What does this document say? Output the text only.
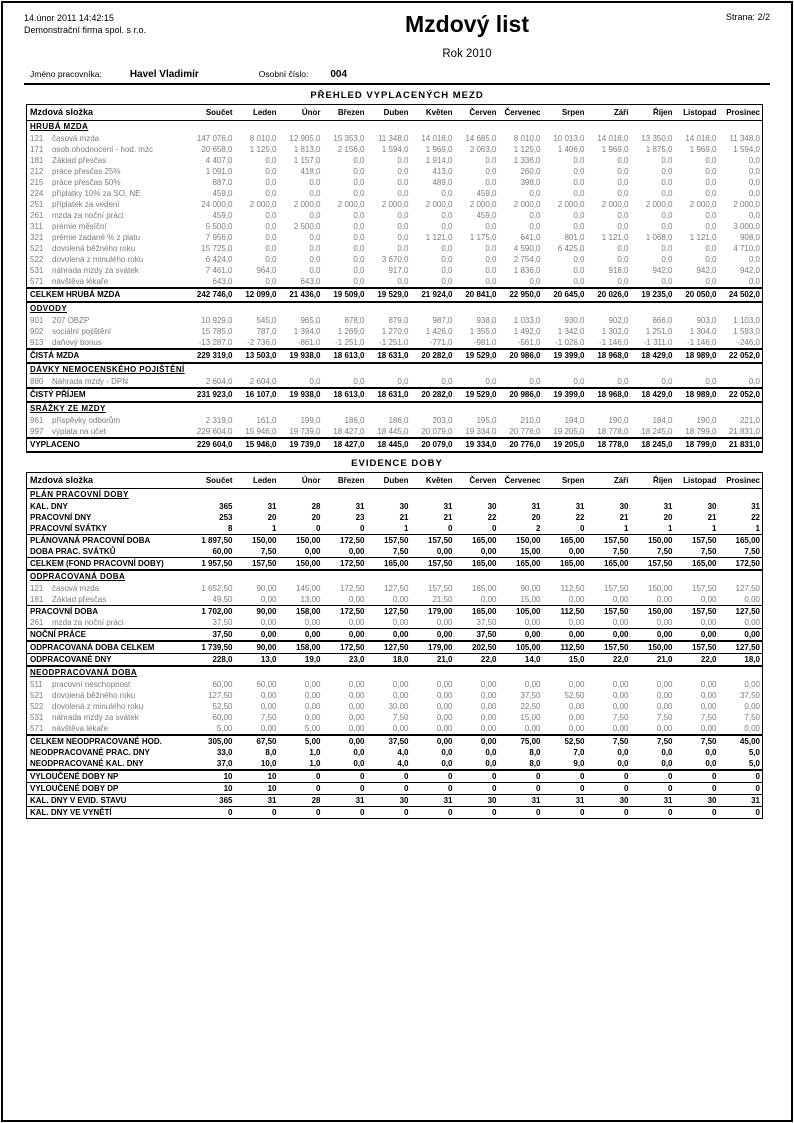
14.únor 2011 14:42:15
Demonstrační firma spol. s r.o.	Mzdový list
Rok 2010
Strana: 2/2
Jméno pracovníka:	Havel Vladimír	Osobní číslo: 004
PŘEHLED VYPLACENÝCH MEZD
Mzdová složka	Součet	Leden	Únor	Březen	Duben	Květen	Červen	Červenec	Srpen	Září	Říjen	Listopad	Prosinec
HRUBÁ MZDA													
121 časová mzda	147 076,0	8 010,0	12 905,0	15 353,0	11 348,0	14 018,0	14 685,0	8 010,0	10 013,0	14 018,0	13 350,0	14 018,0	11 348,0
171 osob.ohodnocení - hod. mzc	20 658,0	1 125,0	1 813,0	2 156,0	1 594,0	1 969,0	2 063,0	1 125,0	1 406,0	1 969,0	1 875,0	1 969,0	1 594,0
181 Základ přesčas	4 407,0	0,0	1 157,0	0,0	0,0	1 914,0	0,0	1 336,0	0,0	0,0	0,0	0,0	0,0
212 práce přesčas 25%	1 091,0	0,0	418,0	0,0	0,0	413,0	0,0	260,0	0,0	0,0	0,0	0,0	0,0
215 práce přesčas 50%	887,0	0,0	0,0	0,0	0,0	489,0	0,0	398,0	0,0	0,0	0,0	0,0	0,0
224 příplatky 10% za SO, NE	459,0	0,0	0,0	0,0	0,0	0,0	459,0	0,0	0,0	0,0	0,0	0,0	0,0
251 příplatek za vedení	24 000,0	2 000,0	2 000,0	2 000,0	2 000,0	2 000,0	2 000,0	2 000,0	2 000,0	2 000,0	2 000,0	2 000,0	2 000,0
261 mzda za noční práci	459,0	0,0	0,0	0,0	0,0	0,0	459,0	0,0	0,0	0,0	0,0	0,0	0,0
311 prémie měsíční	5 500,0	0,0	2 500,0	0,0	0,0	0,0	0,0	0,0	0,0	0,0	0,0	0,0	3 000,0
321 prémie zadané % z platu	7 956,0	0,0	0,0	0,0	0,0	1 121,0	1 175,0	641,0	801,0	1 121,0	1 068,0	1 121,0	908,0
521 dovolená běžného roku	15 725,0	0,0	0,0	0,0	0,0	0,0	0,0	4 590,0	6 425,0	0,0	0,0	0,0	4 710,0
522 dovolená z minulého roku	6 424,0	0,0	0,0	0,0	3 670,0	0,0	0,0	2 754,0	0,0	0,0	0,0	0,0	0,0
531 náhrada mzdy za svátek	7 461,0	964,0	0,0	0,0	917,0	0,0	0,0	1 836,0	0,0	918,0	942,0	942,0	942,0
571 návštěva lékaře	643,0	0,0	643,0	0,0	0,0	0,0	0,0	0,0	0,0	0,0	0,0	0,0	0,0
CELKEM HRUBÁ MZDA	242 746,0	12 099,0	21 436,0	19 509,0	19 529,0	21 924,0	20 841,0	22 950,0	20 645,0	20 026,0	19 235,0	20 050,0	24 502,0
ODVODY													
901 207 OBZP	10 929,0	545,0	965,0	878,0	879,0	987,0	938,0	1 033,0	930,0	902,0	866,0	903,0	1 103,0
902 sociální pojištění	15 785,0	787,0	1 394,0	1 269,0	1 270,0	1 426,0	1 355,0	1 492,0	1 342,0	1 302,0	1 251,0	1 304,0	1 593,0
913 daňový bonus	-13 287,0	-2 736,0	-861,0	-1 251,0	-1 251,0	-771,0	-981,0	-561,0	-1 026,0	-1 146,0	-1 311,0	-1 146,0	-246,0
ČISTÁ MZDA	229 319,0	13 503,0	19 938,0	18 613,0	18 631,0	20 282,0	19 529,0	20 986,0	19 399,0	18 968,0	18 429,0	18 989,0	22 052,0
DÁVKY NEMOCENSKÉHO POJIŠTĚNÍ													
880 Náhrada mzdy - DPN	2 604,0	2 604,0	0,0	0,0	0,0	0,0	0,0	0,0	0,0	0,0	0,0	0,0	0,0
ČISTÝ PŘÍJEM	231 923,0	16 107,0	19 938,0	18 613,0	18 631,0	20 282,0	19 529,0	20 986,0	19 399,0	18 968,0	18 429,0	18 989,0	22 052,0
SRÁŽKY ZE MZDY													
961 příspěvky odborům	2 319,0	161,0	199,0	186,0	186,0	203,0	195,0	210,0	194,0	190,0	184,0	190,0	221,0
997 výplata na účet	229 604,0	15 946,0	19 739,0	18 427,0	18 445,0	20 079,0	19 334,0	20 776,0	19 205,0	18 778,0	18 245,0	18 799,0	21 831,0
VYPLACENO	229 604,0	15 946,0	19 739,0	18 427,0	18 445,0	20 079,0	19 334,0	20 776,0	19 205,0	18 778,0	18 245,0	18 799,0	21 831,0
EVIDENCE DOBY
Mzdová složka	Součet	Leden	Únor	Březen	Duben	Květen	Červen	Červenec	Srpen	Září	Říjen	Listopad	Prosinec
PLÁN PRACOVNÍ DOBY													
KAL. DNY	365	31	28	31	30	31	30	31	31	30	31	30	31
PRACOVNÍ DNY	253	20	20	23	21	21	22	20	22	21	20	21	22
PRACOVNÍ SVÁTKY	8	1	0	0	1	0	0	2	0	1	1	1	1
PLÁNOVANÁ PRACOVNÍ DOBA	1 897,50	150,00	150,00	172,50	157,50	157,50	165,00	150,00	165,00	157,50	150,00	157,50	165,00
DOBA PRAC. SVÁTKŮ	60,00	7,50	0,00	0,00	7,50	0,00	0,00	15,00	0,00	7,50	7,50	7,50	7,50
CELKEM (FOND PRACOVNÍ DOBY)	1 957,50	157,50	150,00	172,50	165,00	157,50	165,00	165,00	165,00	165,00	157,50	165,00	172,50
ODPRACOVANÁ DOBA													
121 časová mzda	1 652,50	90,00	145,00	172,50	127,50	157,50	165,00	90,00	112,50	157,50	150,00	157,50	127,50
181 Základ přesčas	49,50	0,00	13,00	0,00	0,00	21,50	0,00	15,00	0,00	0,00	0,00	0,00	0,00
PRACOVNÍ DOBA	1 702,00	90,00	158,00	172,50	127,50	179,00	165,00	105,00	112,50	157,50	150,00	157,50	127,50
261 mzda za noční práci	37,50	0,00	0,00	0,00	0,00	0,00	37,50	0,00	0,00	0,00	0,00	0,00	0,00
NOČNÍ PRÁCE	37,50	0,00	0,00	0,00	0,00	0,00	37,50	0,00	0,00	0,00	0,00	0,00	0,00
ODPRACOVANÁ DOBA CELKEM	1 739,50	90,00	158,00	172,50	127,50	179,00	202,50	105,00	112,50	157,50	150,00	157,50	127,50
ODPRACOVANÉ DNY	228,0	13,0	19,0	23,0	18,0	21,0	22,0	14,0	15,0	22,0	21,0	22,0	18,0
NEODPRACOVANÁ DOBA													
511 pracovní neschopnost	60,00	60,00	0,00	0,00	0,00	0,00	0,00	0,00	0,00	0,00	0,00	0,00	0,00
521 dovolená běžného roku	127,50	0,00	0,00	0,00	0,00	0,00	0,00	37,50	52,50	0,00	0,00	0,00	37,50
522 dovolená z minulého roku	52,50	0,00	0,00	0,00	30,00	0,00	0,00	22,50	0,00	0,00	0,00	0,00	0,00
531 náhrada mzdy za svátek	60,00	7,50	0,00	0,00	7,50	0,00	0,00	15,00	0,00	7,50	7,50	7,50	7,50
571 návštěva lékaře	5,00	0,00	5,00	0,00	0,00	0,00	0,00	0,00	0,00	0,00	0,00	0,00	0,00
CELKEM NEODPRACOVANÉ HOD.	305,00	67,50	5,00	0,00	37,50	0,00	0,00	75,00	52,50	7,50	7,50	7,50	45,00
NEODPRACOVANÉ PRAC. DNY	33,0	8,0	1,0	0,0	4,0	0,0	0,0	8,0	7,0	0,0	0,0	0,0	5,0
NEODPRACOVANÉ KAL. DNY	37,0	10,0	1,0	0,0	4,0	0,0	0,0	8,0	9,0	0,0	0,0	0,0	5,0
VYLOUČENÉ DOBY NP	10	10	0	0	0	0	0	0	0	0	0	0	0
VYLOUČENÉ DOBY DP	10	10	0	0	0	0	0	0	0	0	0	0	0
KAL. DNY V EVID. STAVU	365	31	28	31	30	31	30	31	31	30	31	30	31
KAL. DNY VE VYNĚTÍ	0	0	0	0	0	0	0	0	0	0	0	0	0
